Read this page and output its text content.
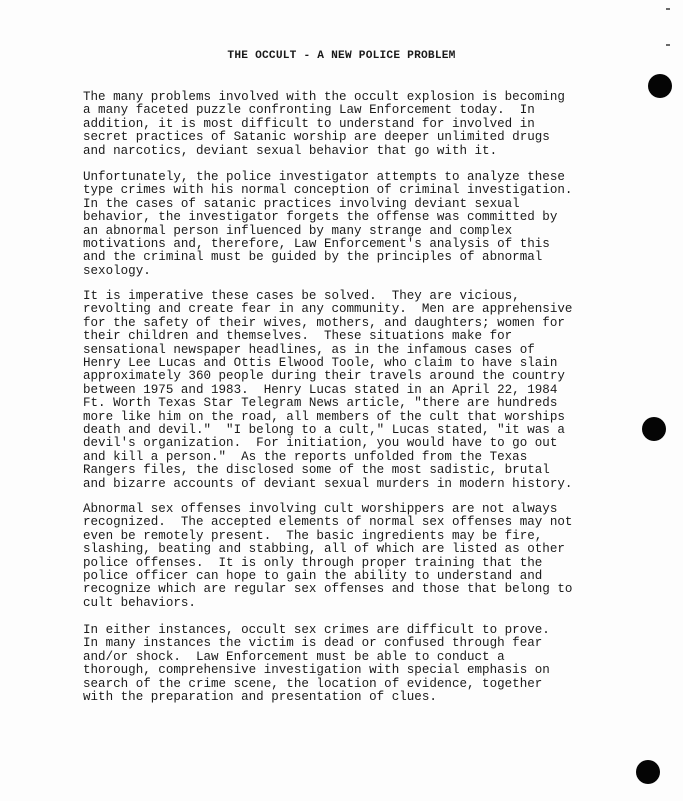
THE OCCULT - A NEW POLICE PROBLEM

The many problems involved with the occult explosion is becoming
a many faceted puzzle confronting Law Enforcement today.  In
addition, it is most difficult to understand for involved in
secret practices of Satanic worship are deeper unlimited drugs
and narcotics, deviant sexual behavior that go with it.

Unfortunately, the police investigator attempts to analyze these
type crimes with his normal conception of criminal investigation.
In the cases of satanic practices involving deviant sexual
behavior, the investigator forgets the offense was committed by
an abnormal person influenced by many strange and complex
motivations and, therefore, Law Enforcement's analysis of this
and the criminal must be guided by the principles of abnormal
sexology.

It is imperative these cases be solved.  They are vicious,
revolting and create fear in any community.  Men are apprehensive
for the safety of their wives, mothers, and daughters; women for
their children and themselves.  These situations make for
sensational newspaper headlines, as in the infamous cases of
Henry Lee Lucas and Ottis Elwood Toole, who claim to have slain
approximately 360 people during their travels around the country
between 1975 and 1983.  Henry Lucas stated in an April 22, 1984
Ft. Worth Texas Star Telegram News article, "there are hundreds
more like him on the road, all members of the cult that worships
death and devil."  "I belong to a cult," Lucas stated, "it was a
devil's organization.  For initiation, you would have to go out
and kill a person."  As the reports unfolded from the Texas
Rangers files, the disclosed some of the most sadistic, brutal
and bizarre accounts of deviant sexual murders in modern history.

Abnormal sex offenses involving cult worshippers are not always
recognized.  The accepted elements of normal sex offenses may not
even be remotely present.  The basic ingredients may be fire,
slashing, beating and stabbing, all of which are listed as other
police offenses.  It is only through proper training that the
police officer can hope to gain the ability to understand and
recognize which are regular sex offenses and those that belong to
cult behaviors.

In either instances, occult sex crimes are difficult to prove.
In many instances the victim is dead or confused through fear
and/or shock.  Law Enforcement must be able to conduct a
thorough, comprehensive investigation with special emphasis on
search of the crime scene, the location of evidence, together
with the preparation and presentation of clues.
